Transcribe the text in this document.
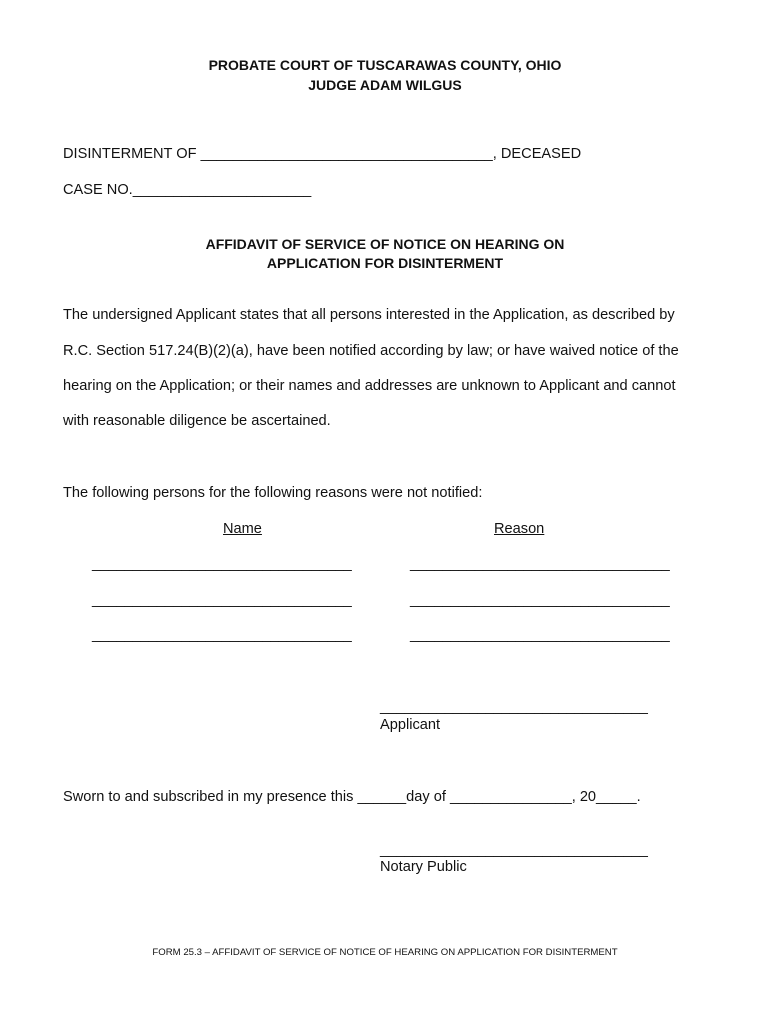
PROBATE COURT OF TUSCARAWAS COUNTY, OHIO
JUDGE ADAM WILGUS
DISINTERMENT OF ____________________________________, DECEASED
CASE NO.______________________
AFFIDAVIT OF SERVICE OF NOTICE ON HEARING ON
APPLICATION FOR DISINTERMENT
The undersigned Applicant states that all persons interested in the Application, as described by
R.C. Section 517.24(B)(2)(a), have been notified according by law; or have waived notice of the
hearing on the Application; or their names and addresses are unknown to Applicant and cannot
with reasonable diligence be ascertained.
The following persons for the following reasons were not notified:
Name	Reason
________________________________	________________________________
________________________________	________________________________
________________________________	________________________________
_________________________________
Applicant
Sworn to and subscribed in my presence this ______day of _______________, 20_____.
_________________________________
Notary Public
FORM 25.3 – AFFIDAVIT OF SERVICE OF NOTICE OF HEARING ON APPLICATION FOR DISINTERMENT
